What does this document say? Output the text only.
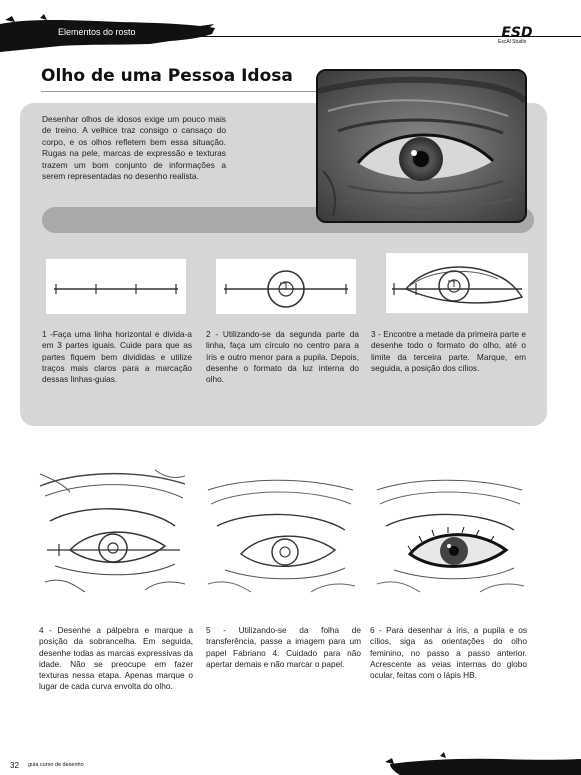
Elementos do rosto	ESD
EscAl Studio
Olho de uma Pessoa Idosa
Desenhar olhos de idosos exige um pouco mais de treino. A velhice traz consigo o cansaço do corpo, e os olhos refletem bem essa situação. Rugas na pele, marcas de expressão e texturas trazem um bom conjunto de informações a serem representadas no desenho realista.
1 -Faça uma linha horizontal e divida-a em 3 partes iguais. Cuide para que as partes fiquem bem divididas e utilize traços mais claros para a marcação dessas linhas-guias.
2 - Utilizando-se da segunda parte da linha, faça um círculo no centro para a íris e outro menor para a pupila. Depois, desenhe o formato da luz interna do olho.
3 - Encontre a metade da primeira parte e desenhe todo o formato do olho, até o limite da terceira parte. Marque, em seguida, a posição dos cílios.
4 - Desenhe a pálpebra e marque a posição da sobrancelha. Em seguida, desenhe todas as marcas expressivas da idade. Não se preocupe em fazer texturas nessa etapa. Apenas marque o lugar de cada curva envolta do olho.
5 - Utilizando-se da folha de transferência, passe a imagem para um papel Fabriano 4. Cuidado para não apertar demais e não marcar o papel.
6 - Para desenhar a íris, a pupila e os cílios, siga as orientações do olho feminino, no passo a passo anterior. Acrescente as veias internas do globo ocular, feitas com o lápis HB.
32 guia curso de desenho
